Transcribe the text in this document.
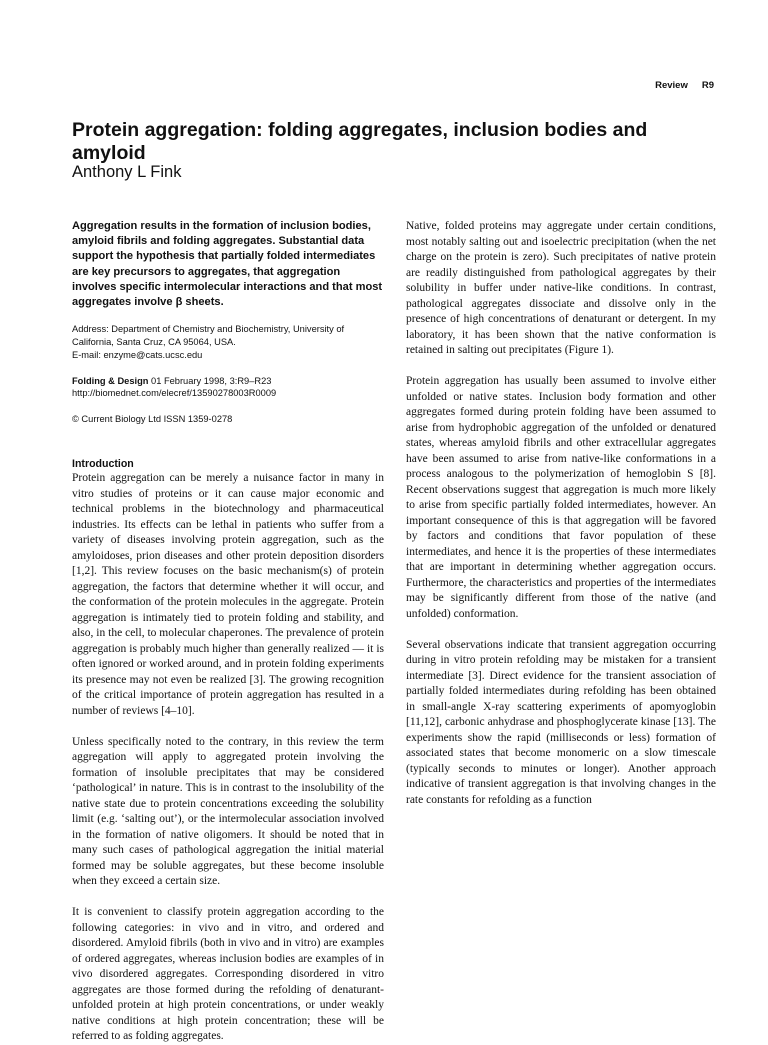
Review R9
Protein aggregation: folding aggregates, inclusion bodies and amyloid

Anthony L Fink

Aggregation results in the formation of inclusion bodies, amyloid fibrils and folding aggregates. Substantial data support the hypothesis that partially folded intermediates are key precursors to aggregates, that aggregation involves specific intermolecular interactions and that most aggregates involve β sheets.

Address: Department of Chemistry and Biochemistry, University of

California, Santa Cruz, CA 95064, USA.

E-mail: enzyme@cats.ucsc.edu

Folding & Design 01 February 1998, 3:R9–R23

http://biomednet.com/elecref/13590278003R0009

© Current Biology Ltd ISSN 1359-0278

Introduction

Protein aggregation can be merely a nuisance factor in many in vitro studies of proteins or it can cause major economic and technical problems in the biotechnology and pharmaceutical industries. Its effects can be lethal in patients who suffer from a variety of diseases involving protein aggregation, such as the amyloidoses, prion diseases and other protein deposition disorders [1,2]. This review focuses on the basic mechanism(s) of protein aggregation, the factors that determine whether it will occur, and the conformation of the protein molecules in the aggregate. Protein aggregation is intimately tied to protein folding and stability, and also, in the cell, to molecular chaperones. The prevalence of protein aggregation is probably much higher than generally realized — it is often ignored or worked around, and in protein folding experiments its presence may not even be realized [3]. The growing recognition of the critical importance of protein aggregation has resulted in a number of reviews [4–10].

Unless specifically noted to the contrary, in this review the term aggregation will apply to aggregated protein involving the formation of insoluble precipitates that may be considered ‘pathological’ in nature. This is in contrast to the insolubility of the native state due to protein concentrations exceeding the solubility limit (e.g. ‘salting out’), or the intermolecular association involved in the formation of native oligomers. It should be noted that in many such cases of pathological aggregation the initial material formed may be soluble aggregates, but these become insoluble when they exceed a certain size.

It is convenient to classify protein aggregation according to the following categories: in vivo and in vitro, and ordered and disordered. Amyloid fibrils (both in vivo and in vitro) are examples of ordered aggregates, whereas inclusion bodies are examples of in vivo disordered aggregates. Corresponding disordered in vitro aggregates are those formed during the refolding of denaturant-unfolded protein at high protein concentrations, or under weakly native conditions at high protein concentration; these will be referred to as folding aggregates.

Native, folded proteins may aggregate under certain conditions, most notably salting out and isoelectric precipitation (when the net charge on the protein is zero). Such precipitates of native protein are readily distinguished from pathological aggregates by their solubility in buffer under native-like conditions. In contrast, pathological aggregates dissociate and dissolve only in the presence of high concentrations of denaturant or detergent. In my laboratory, it has been shown that the native conformation is retained in salting out precipitates (Figure 1).

Protein aggregation has usually been assumed to involve either unfolded or native states. Inclusion body formation and other aggregates formed during protein folding have been assumed to arise from hydrophobic aggregation of the unfolded or denatured states, whereas amyloid fibrils and other extracellular aggregates have been assumed to arise from native-like conformations in a process analogous to the polymerization of hemoglobin S [8]. Recent observations suggest that aggregation is much more likely to arise from specific partially folded intermediates, however. An important consequence of this is that aggregation will be favored by factors and conditions that favor population of these intermediates, and hence it is the properties of these intermediates that are important in determining whether aggregation occurs. Furthermore, the characteristics and properties of the intermediates may be significantly different from those of the native (and unfolded) conformation.

Several observations indicate that transient aggregation occurring during in vitro protein refolding may be mistaken for a transient intermediate [3]. Direct evidence for the transient association of partially folded intermediates during refolding has been obtained in small-angle X-ray scattering experiments of apomyoglobin [11,12], carbonic anhydrase and phosphoglycerate kinase [13]. The experiments show the rapid (milliseconds or less) formation of associated states that become monomeric on a slow timescale (typically seconds to minutes or longer). Another approach indicative of transient aggregation is that involving changes in the rate constants for refolding as a function
